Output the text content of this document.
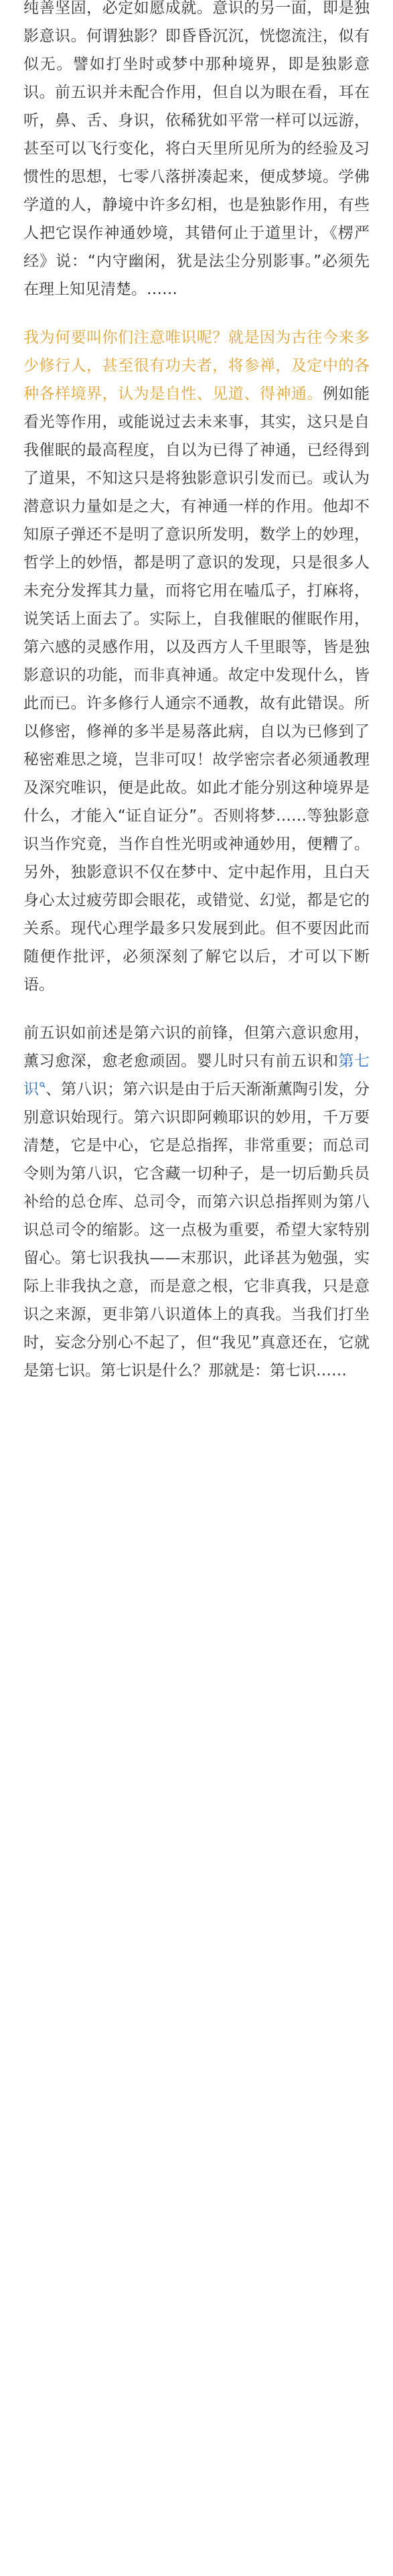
纯善坚固，必定如愿成就。意识的另一面，即是独影意识。何谓独影？即昏昏沉沉，恍惚流注，似有似无。譬如打坐时或梦中那种境界，即是独影意识。前五识并未配合作用，但自以为眼在看，耳在听，鼻、舌、身识，依稀犹如平常一样可以远游，甚至可以飞行变化，将白天里所见所为的经验及习惯性的思想，七零八落拼凑起来，便成梦境。学佛学道的人，静境中许多幻相，也是独影作用，有些人把它误作神通妙境，其错何止于道里计，《楞严经》说：“内守幽闲，犹是法尘分别影事。”必须先在理上知见清楚。……

我为何要叫你们注意唯识呢？就是因为古往今来多少修行人，甚至很有功夫者，将参禅，及定中的各种各样境界，认为是自性、见道、得神通。例如能看光等作用，或能说过去未来事，其实，这只是自我催眠的最高程度，自以为已得了神通，已经得到了道果，不知这只是将独影意识引发而已。或认为潜意识力量如是之大，有神通一样的作用。他却不知原子弹还不是明了意识所发明，数学上的妙理，哲学上的妙悟，都是明了意识的发现，只是很多人未充分发挥其力量，而将它用在嗑瓜子，打麻将，说笑话上面去了。实际上，自我催眠的催眠作用，第六感的灵感作用，以及西方人千里眼等，皆是独影意识的功能，而非真神通。故定中发现什么，皆此而已。许多修行人通宗不通教，故有此错误。所以修密，修禅的多半是易落此病，自以为已修到了秘密难思之境，岂非可叹！故学密宗者必须通教理及深究唯识，便是此故。如此才能分别这种境界是什么，才能入“证自证分”。否则将梦……等独影意识当作究竟，当作自性光明或神通妙用，便糟了。另外，独影意识不仅在梦中、定中起作用，且白天身心太过疲劳即会眼花，或错觉、幻觉，都是它的关系。现代心理学最多只发展到此。但不要因此而随便作批评，必须深刻了解它以后，才可以下断语。

前五识如前述是第六识的前锋，但第六意识愈用，薰习愈深，愈老愈顽固。婴儿时只有前五识和第七识 、第八识；第六识是由于后天渐渐薰陶引发，分别意识始现行。第六识即阿赖耶识的妙用，千万要清楚，它是中心，它是总指挥，非常重要；而总司令则为第八识，它含藏一切种子，是一切后勤兵员补给的总仓库、总司令，而第六识总指挥则为第八识总司令的缩影。这一点极为重要，希望大家特别留心。第七识我执——末那识，此译甚为勉强，实际上非我执之意，而是意之根，它非真我，只是意识之来源，更非第八识道体上的真我。当我们打坐时，妄念分别心不起了，但“我见”真意还在，它就是第七识。第七识是什么？那就是：第七识……
